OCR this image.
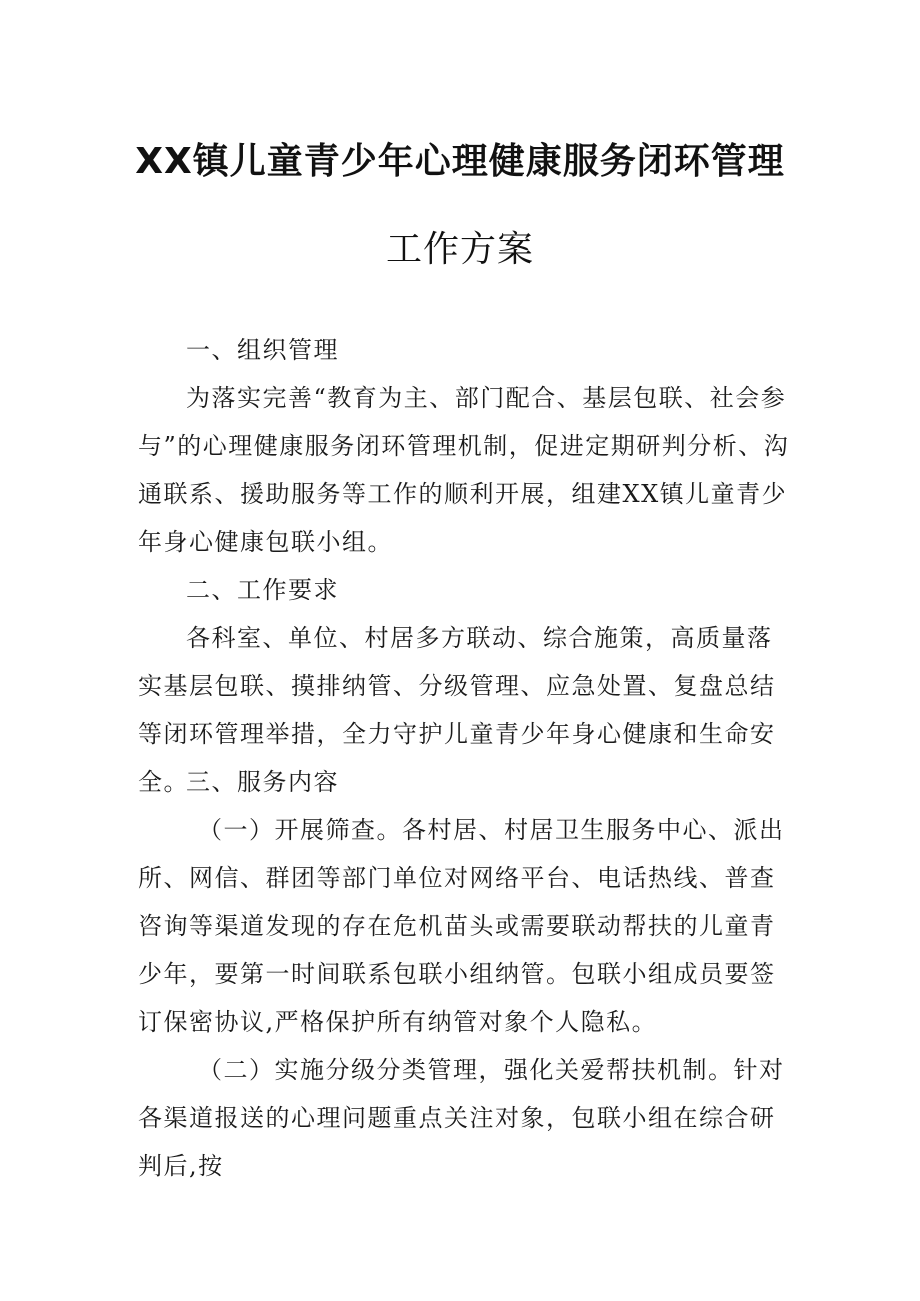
XX镇儿童青少年心理健康服务闭环管理
工作方案
一、组织管理

为落实完善“教育为主、部门配合、基层包联、社会参与”的心理健康服务闭环管理机制，促进定期研判分析、沟通联系、援助服务等工作的顺利开展，组建XX镇儿童青少年身心健康包联小组。

二、工作要求

各科室、单位、村居多方联动、综合施策，高质量落实基层包联、摸排纳管、分级管理、应急处置、复盘总结等闭环管理举措，全力守护儿童青少年身心健康和生命安全。

三、服务内容

（一）开展筛查。各村居、村居卫生服务中心、派出所、网信、群团等部门单位对网络平台、电话热线、普查咨询等渠道发现的存在危机苗头或需要联动帮扶的儿童青少年，要第一时间联系包联小组纳管。包联小组成员要签订保密协议,严格保护所有纳管对象个人隐私。

（二）实施分级分类管理，强化关爱帮扶机制。针对各渠道报送的心理问题重点关注对象，包联小组在综合研判后,按
